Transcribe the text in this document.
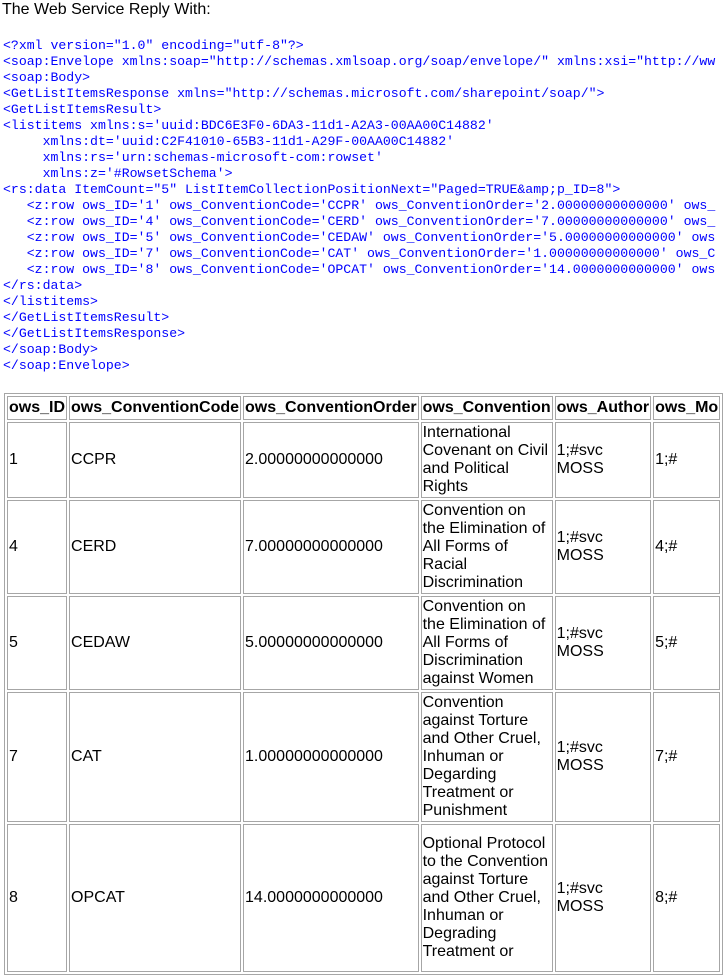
The Web Service Reply With:
<?xml version="1.0" encoding="utf-8"?>
<soap:Envelope xmlns:soap="http://schemas.xmlsoap.org/soap/envelope/" xmlns:xsi="http://ww
<soap:Body>
<GetListItemsResponse xmlns="http://schemas.microsoft.com/sharepoint/soap/">
<GetListItemsResult>
<listitems xmlns:s='uuid:BDC6E3F0-6DA3-11d1-A2A3-00AA00C14882'
xmlns:dt='uuid:C2F41010-65B3-11d1-A29F-00AA00C14882'
xmlns:rs='urn:schemas-microsoft-com:rowset'
xmlns:z='#RowsetSchema'>
<rs:data ItemCount="5" ListItemCollectionPositionNext="Paged=TRUE&amp;p_ID=8">
<z:row ows_ID='1' ows_ConventionCode='CCPR' ows_ConventionOrder='2.00000000000000' ows_
<z:row ows_ID='4' ows_ConventionCode='CERD' ows_ConventionOrder='7.00000000000000' ows_
<z:row ows_ID='5' ows_ConventionCode='CEDAW' ows_ConventionOrder='5.00000000000000' ows
<z:row ows_ID='7' ows_ConventionCode='CAT' ows_ConventionOrder='1.00000000000000' ows_C
<z:row ows_ID='8' ows_ConventionCode='OPCAT' ows_ConventionOrder='14.0000000000000' ows
</rs:data>
</listitems>
</GetListItemsResult>
</GetListItemsResponse>
</soap:Body>
</soap:Envelope>
ows_ID	ows_ConventionCode	ows_ConventionOrder	ows_Convention	ows_Author	ows_Mo
1	CCPR	2.00000000000000	International Covenant on Civil and Political Rights	1;#svc MOSS	1;#
4	CERD	7.00000000000000	Convention on the Elimination of All Forms of Racial Discrimination	1;#svc MOSS	4;#
5	CEDAW	5.00000000000000	Convention on the Elimination of All Forms of Discrimination against Women	1;#svc MOSS	5;#
7	CAT	1.00000000000000	Convention against Torture and Other Cruel, Inhuman or Degarding Treatment or Punishment	1;#svc MOSS	7;#
8	OPCAT	14.0000000000000	Optional Protocol to the Convention against Torture and Other Cruel, Inhuman or Degrading Treatment or	1;#svc MOSS	8;#
